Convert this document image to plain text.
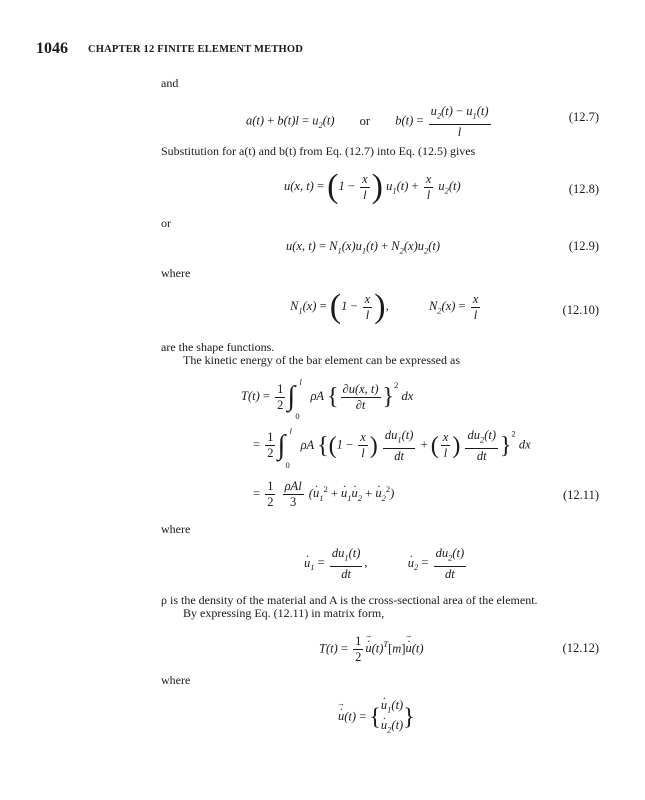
1046 CHAPTER 12 FINITE ELEMENT METHOD
and
$a(t) + b(t)l = u_2(t)$ or $b(t) = \frac{u_2(t) - u_1(t)}{l}$	(12.7)
Substitution for a(t) and b(t) from Eq. (12.7) into Eq. (12.5) gives
u(x, $t) = (1 - \frac{x}{l}$ ) $u_1(t) + \frac{x}{l} u_2(t)$	(12.8)
or
u(x, $t) = N_1(x)u_1(t) + N_2(x)u_2(t)$	(12.9)
where
$N_1(x) = (1 - \frac{x}{l}$ ),	$N_2(x) = \frac{x}{l}$	(12.10)
are the shape functions.
The kinetic energy of the bar element can be expressed as
$T(t) = \frac{1}{2}$ ∫
0
l
ρA { $\frac{\partial u(x, t)}{\partial t} \}^2$ dx
= $\frac{1}{2}$ ∫
0
l
ρA {($1 - \frac{x}{l}$ ) $\frac{du_1(t)}{dt}$ + ( $\frac{x}{l}$ ) $\frac{du_2(t)}{dt} \}^2$ dx
= $\frac{1}{2}$
$\frac{\text{ρAl}}{3} (u$ $._1^2 + u$ $._1u$ $._2 + u$ $._2^2$)	(12.11)
where
u $._1 = \frac{du_1(t)}{dt}$ ,	u $._2 = \frac{du_2(t)}{dt}$
ρ is the density of the material and A is the cross-sectional area of the element.
By expressing Eq. (12.11) in matrix form,
$T(t) = \frac{1}{2}$
→ u $.(t)^T[m]\to u$ .(t)	(12.12)
where
→ u .(t) = { u $._1(t)$
u $._2(t)$ }
